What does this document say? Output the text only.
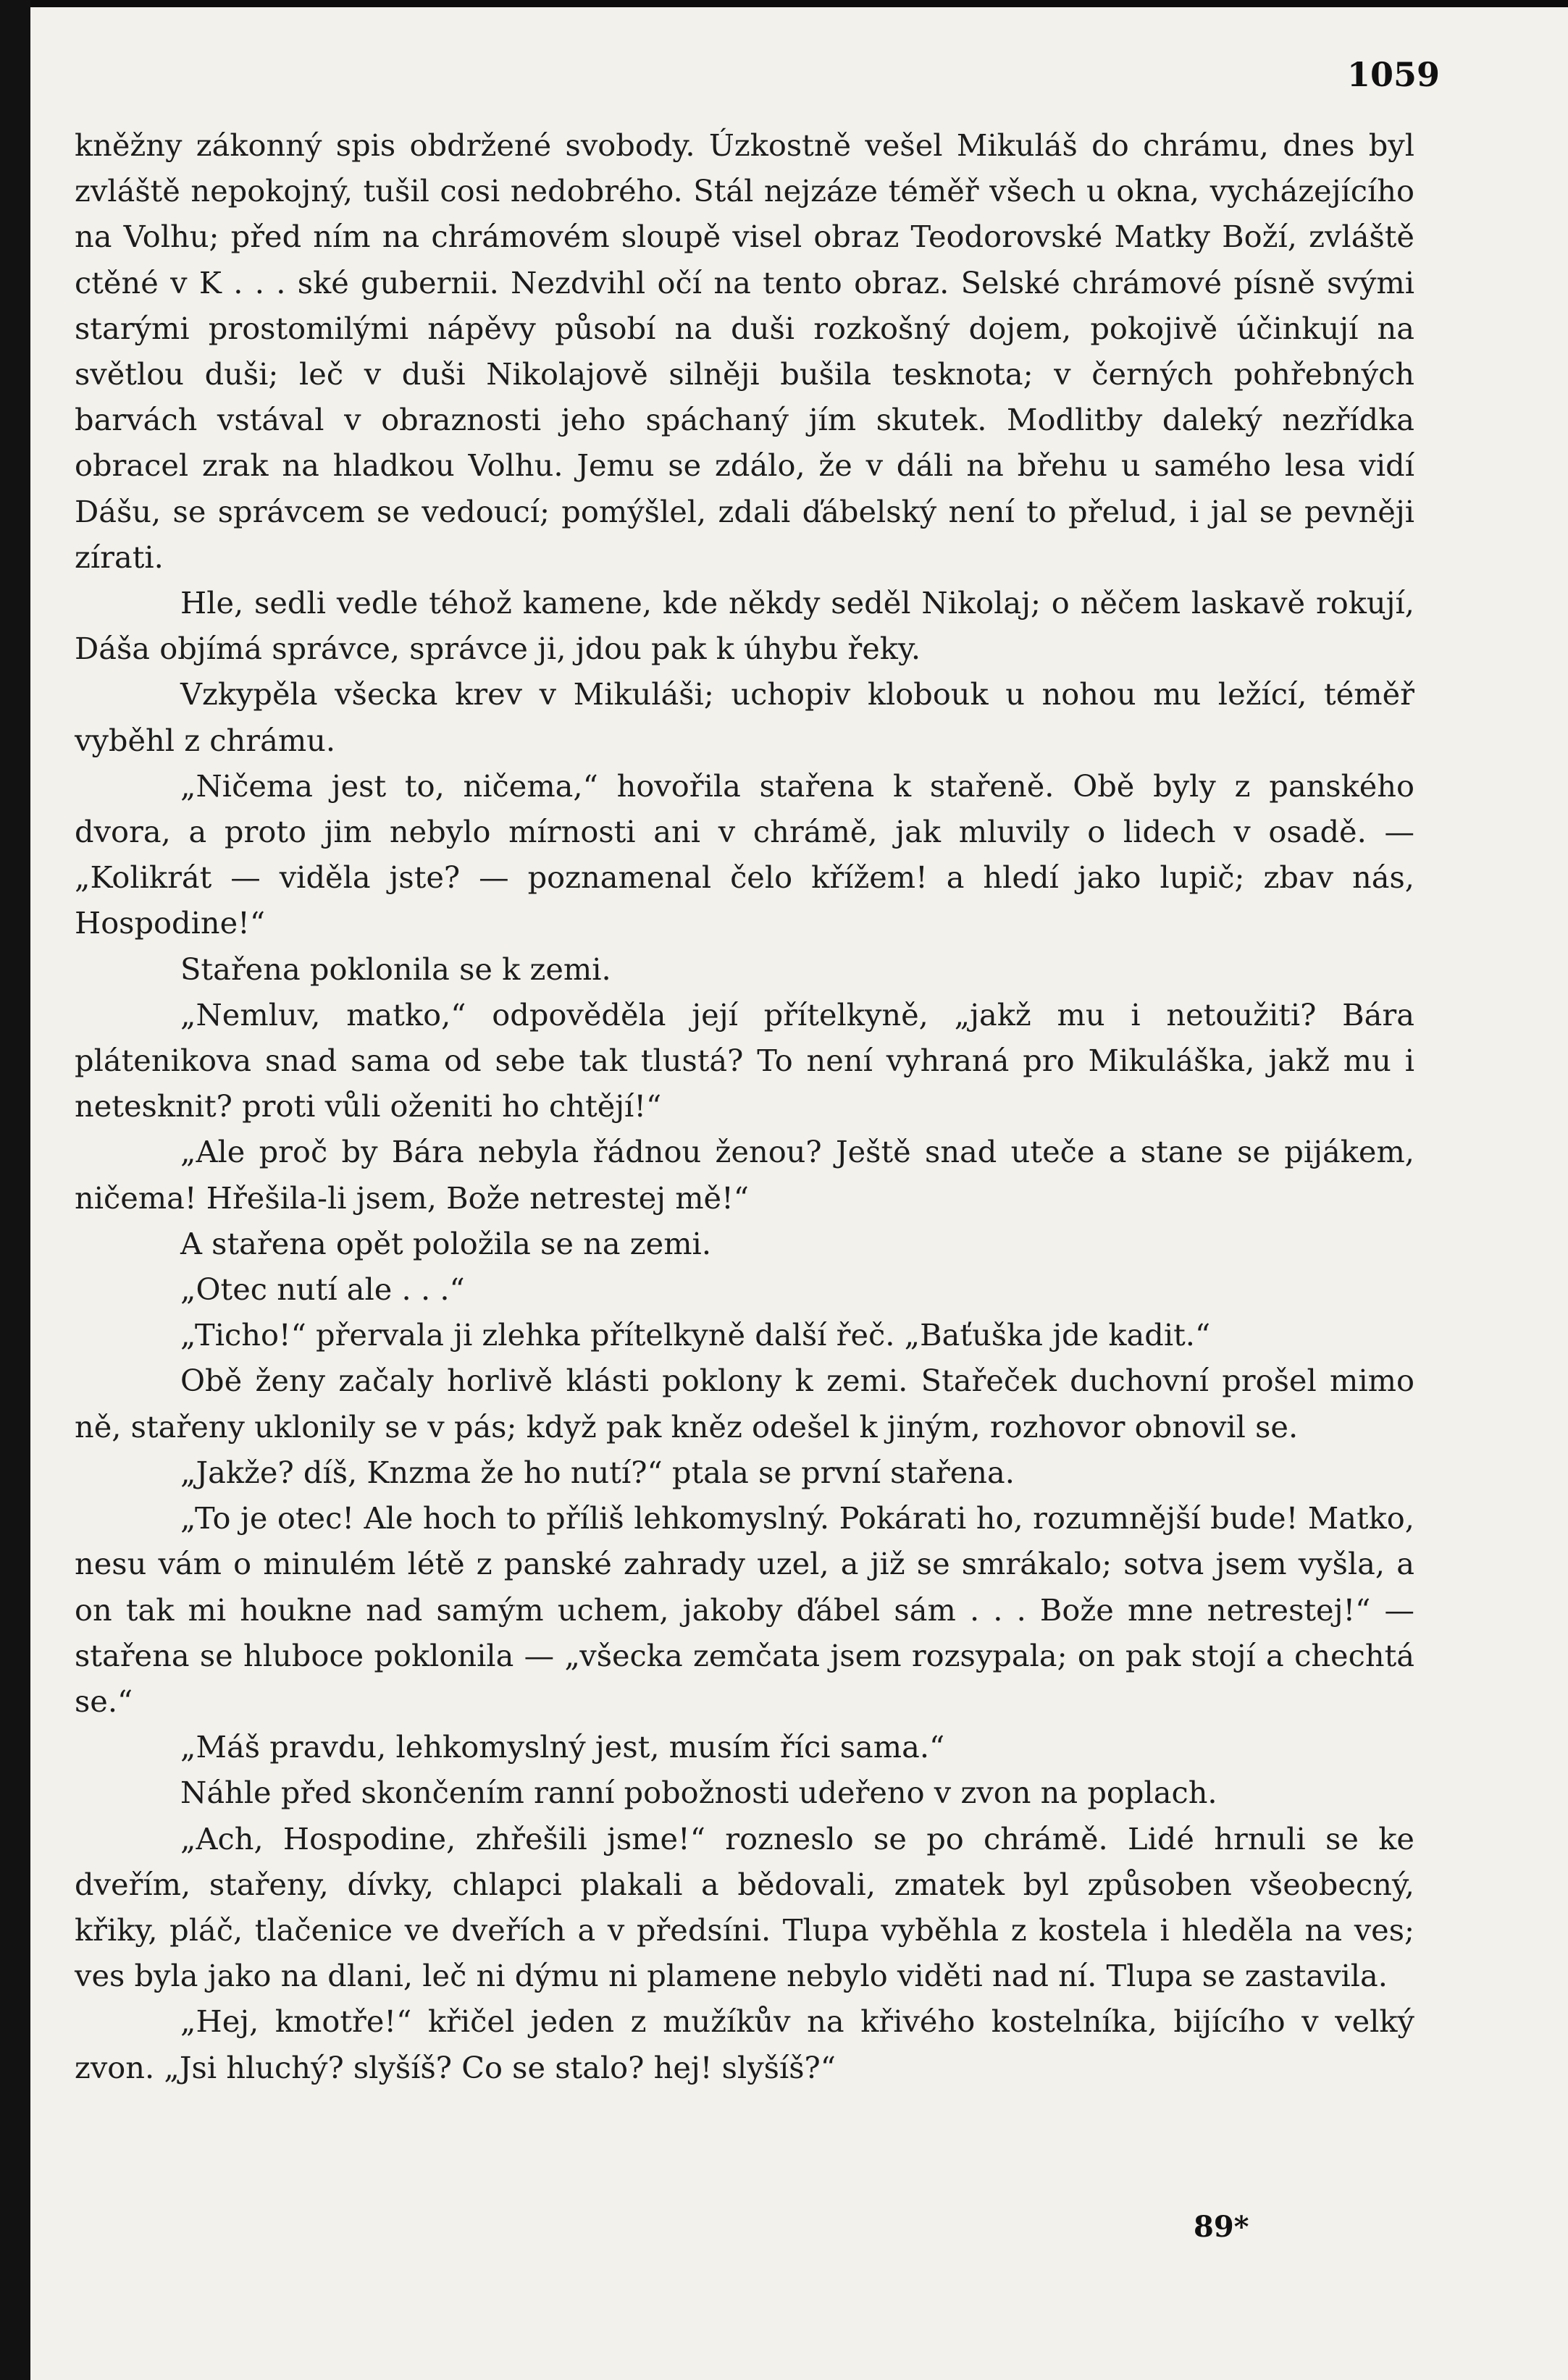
1059

kněžny zákonný spis obdržené svobody. Úzkostně vešel Mikuláš do chrámu, dnes byl zvláště nepokojný, tušil cosi nedobrého. Stál nejzáze téměř všech u okna, vycházejícího na Volhu; před ním na chrámovém sloupě visel obraz Teodorovské Matky Boží, zvláště ctěné v K . . . ské gubernii. Nezdvihl očí na tento obraz. Selské chrámové písně svými starými prostomilými nápěvy působí na duši rozkošný dojem, pokojivě účinkují na světlou duši; leč v duši Nikolajově silněji bušila tesknota; v černých pohřebných barvách vstával v obraznosti jeho spáchaný jím skutek. Modlitby daleký nezřídka obracel zrak na hladkou Volhu. Jemu se zdálo, že v dáli na břehu u samého lesa vidí Dášu, se správcem se vedoucí; pomýšlel, zdali ďábelský není to přelud, i jal se pevněji zírati.

Hle, sedli vedle téhož kamene, kde někdy seděl Nikolaj; o něčem laskavě rokují, Dáša objímá správce, správce ji, jdou pak k úhybu řeky.

Vzkypěla všecka krev v Mikuláši; uchopiv klobouk u nohou mu ležící, téměř vyběhl z chrámu.

„Ničema jest to, ničema,“ hovořila stařena k stařeně. Obě byly z panského dvora, a proto jim nebylo mírnosti ani v chrámě, jak mluvily o lidech v osadě. — „Kolikrát — viděla jste? — poznamenal čelo křížem! a hledí jako lupič; zbav nás, Hospodine!“

Stařena poklonila se k zemi.

„Nemluv, matko,“ odpověděla její přítelkyně, „jakž mu i netoužiti? Bára plátenikova snad sama od sebe tak tlustá? To není vyhraná pro Mikuláška, jakž mu i netesknit? proti vůli oženiti ho chtějí!“

„Ale proč by Bára nebyla řádnou ženou? Ještě snad uteče a stane se pijákem, ničema! Hřešila-li jsem, Bože netrestej mě!“

A stařena opět položila se na zemi.

„Otec nutí ale . . .“

„Ticho!“ přervala ji zlehka přítelkyně další řeč. „Baťuška jde kadit.“

Obě ženy začaly horlivě klásti poklony k zemi. Stařeček duchovní prošel mimo ně, stařeny uklonily se v pás; když pak kněz odešel k jiným, rozhovor obnovil se.

„Jakže? díš, Knzma že ho nutí?“ ptala se první stařena.

„To je otec! Ale hoch to příliš lehkomyslný. Pokárati ho, rozumnější bude! Matko, nesu vám o minulém létě z panské zahrady uzel, a již se smrákalo; sotva jsem vyšla, a on tak mi houkne nad samým uchem, jakoby ďábel sám . . . Bože mne netrestej!“ — stařena se hluboce poklonila — „všecka zemčata jsem rozsypala; on pak stojí a chechtá se.“

„Máš pravdu, lehkomyslný jest, musím říci sama.“

Náhle před skončením ranní pobožnosti udeřeno v zvon na poplach.

„Ach, Hospodine, zhřešili jsme!“ rozneslo se po chrámě. Lidé hrnuli se ke dveřím, stařeny, dívky, chlapci plakali a bědovali, zmatek byl způsoben všeobecný, křiky, pláč, tlačenice ve dveřích a v předsíni. Tlupa vyběhla z kostela i hleděla na ves; ves byla jako na dlani, leč ni dýmu ni plamene nebylo viděti nad ní. Tlupa se zastavila.

„Hej, kmotře!“ křičel jeden z mužíkův na křivého kostelníka, bijícího v velký zvon. „Jsi hluchý? slyšíš? Co se stalo? hej! slyšíš?“

89*
